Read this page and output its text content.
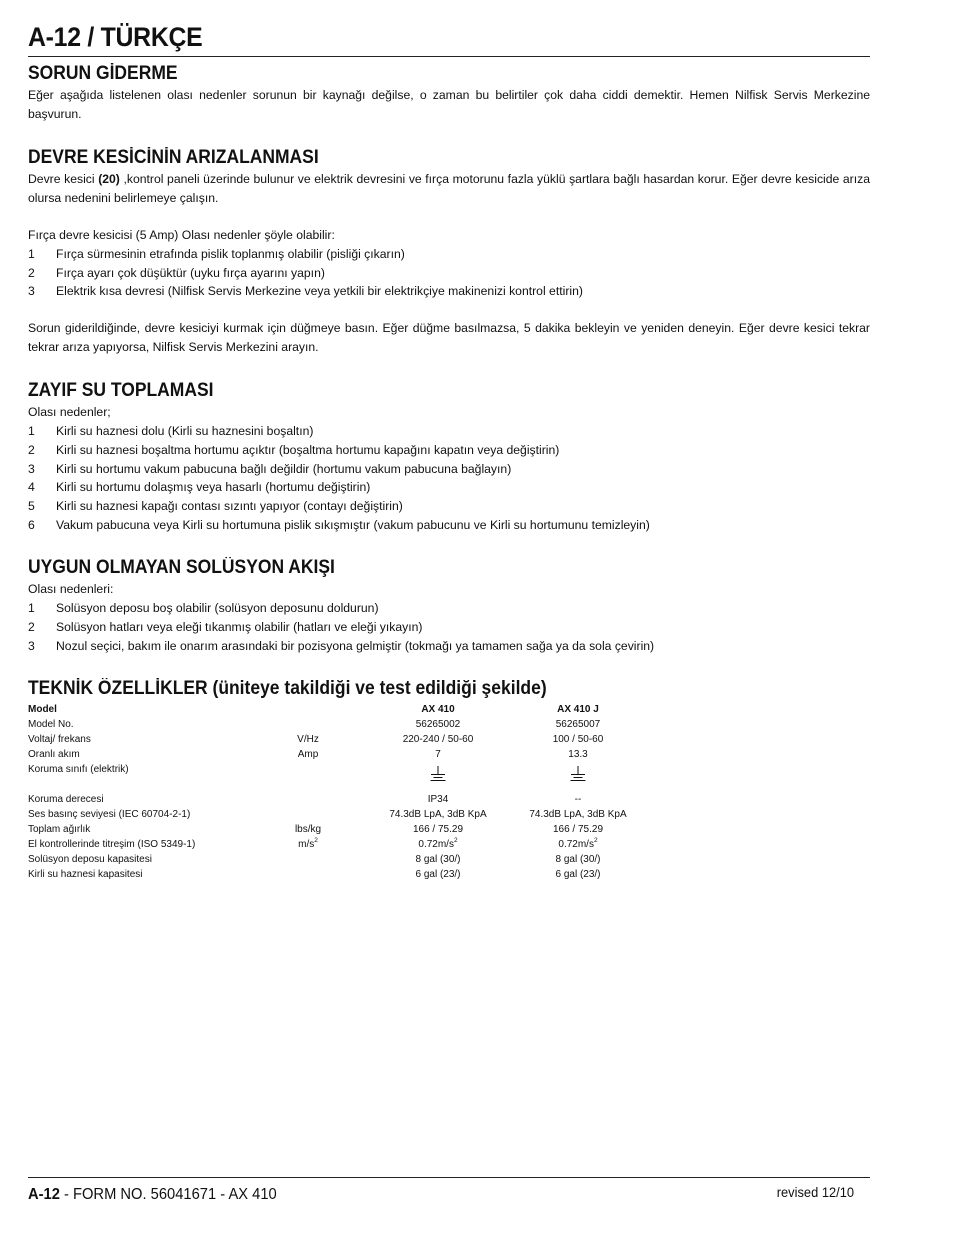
A-12 / TÜRKÇE
SORUN GİDERME

Eğer aşağıda listelenen olası nedenler sorunun bir kaynağı değilse, o zaman bu belirtiler çok daha ciddi demektir. Hemen Nilfisk Servis Merkezine başvurun.

DEVRE KESİCİNİN ARIZALANMASI

Devre kesici (20) ,kontrol paneli üzerinde bulunur ve elektrik devresini ve fırça motorunu fazla yüklü şartlara bağlı hasardan korur. Eğer devre kesicide arıza olursa nedenini belirlemeye çalışın.

Fırça devre kesicisi (5 Amp) Olası nedenler şöyle olabilir:

1	Fırça sürmesinin etrafında pislik toplanmış olabilir (pisliği çıkarın)
2	Fırça ayarı çok düşüktür (uyku fırça ayarını yapın)
3	Elektrik kısa devresi (Nilfisk Servis Merkezine veya yetkili bir elektrikçiye makinenizi kontrol ettirin)

Sorun giderildiğinde, devre kesiciyi kurmak için düğmeye basın. Eğer düğme basılmazsa, 5 dakika bekleyin ve yeniden deneyin. Eğer devre kesici tekrar tekrar arıza yapıyorsa, Nilfisk Servis Merkezini arayın.

ZAYIF SU TOPLAMASI

Olası nedenler;

1	Kirli su haznesi dolu (Kirli su haznesini boşaltın)
2	Kirli su haznesi boşaltma hortumu açıktır (boşaltma hortumu kapağını kapatın veya değiştirin)
3	Kirli su hortumu vakum pabucuna bağlı değildir (hortumu vakum pabucuna bağlayın)
4	Kirli su hortumu dolaşmış veya hasarlı (hortumu değiştirin)
5	Kirli su haznesi kapağı contası sızıntı yapıyor (contayı değiştirin)
6	Vakum pabucuna veya Kirli su hortumuna pislik sıkışmıştır (vakum pabucunu ve Kirli su hortumunu temizleyin)
UYGUN OLMAYAN SOLÜSYON AKIŞI

Olası nedenleri:

1	Solüsyon deposu boş olabilir (solüsyon deposunu doldurun)
2	Solüsyon hatları veya eleği tıkanmış olabilir (hatları ve eleği yıkayın)
3	Nozul seçici, bakım ile onarım arasındaki bir pozisyona gelmiştir (tokmağı ya tamamen sağa ya da sola çevirin)
TEKNİK ÖZELLİKLER (üniteye takildiği ve test edildiği şekilde)
Model		AX 410	AX 410 J
Model No.		56265002	56265007
Voltaj/ frekans	V/Hz	220-240 / 50-60	100 / 50-60
Oranlı akım	Amp	7	13.3
Koruma sınıfı (elektrik)			
Koruma derecesi		IP34	--
Ses basınç seviyesi (IEC 60704-2-1)		74.3dB LpA, 3dB KpA	74.3dB LpA, 3dB KpA
Toplam ağırlık	lbs/kg	166 / 75.29	166 / 75.29
El kontrollerinde titreşim (ISO 5349-1)	$m/s^2$	$0.72m/s^2$	$0.72m/s^2$
Solüsyon deposu kapasitesi		8 gal (30/)	8 gal (30/)
Kirli su haznesi kapasitesi		6 gal (23/)	6 gal (23/)
A-12 - FORM NO. 56041671 - AX 410	revised 12/10
